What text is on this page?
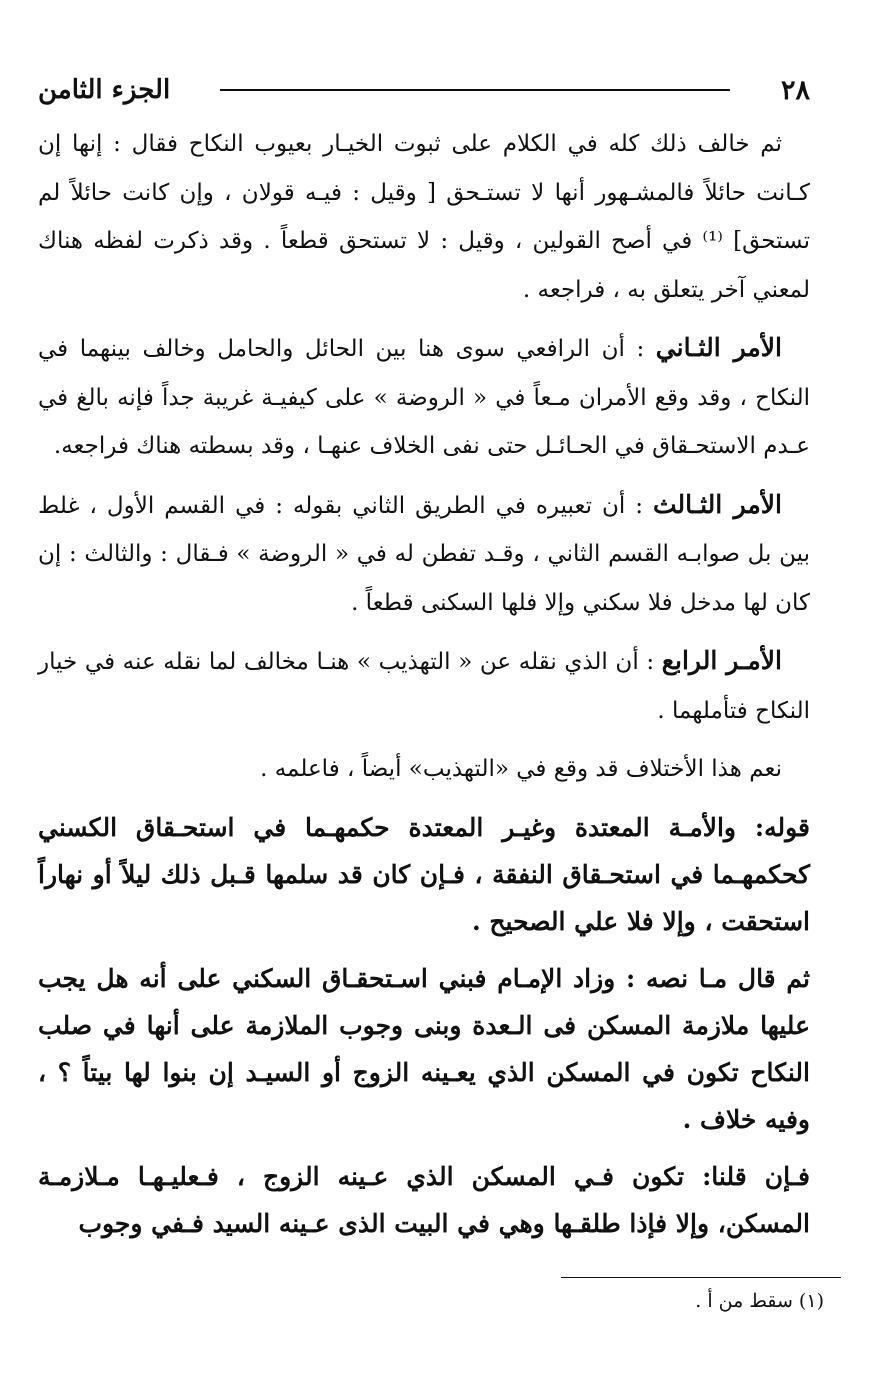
٢٨
الجزء الثامن

ثم خالف ذلك كله في الكلام على ثبوت الخيـار بعيوب النكاح فقال : إنها إن كـانت حائلاً فالمشـهور أنها لا تستـحق [ وقيل : فيـه قولان ، وإن كانت حائلاً لم تستحق] ⁽¹⁾ في أصح القولين ، وقيل : لا تستحق قطعاً . وقد ذكرت لفظه هناك لمعني آخر يتعلق به ، فراجعه .

الأمر الثـاني : أن الرافعي سوى هنا بين الحائل والحامل وخالف بينهما في النكاح ، وقد وقع الأمران مـعاً في « الروضة » على كيفيـة غريبة جداً فإنه بالغ في عـدم الاستحـقاق في الحـائـل حتى نفى الخلاف عنهـا ، وقد بسطته هناك فراجعه.

الأمر الثـالث : أن تعبيره في الطريق الثاني بقوله : في القسم الأول ، غلط بين بل صوابـه القسم الثاني ، وقـد تفطن له في « الروضة » فـقال : والثالث : إن كان لها مدخل فلا سكني وإلا فلها السكنى قطعاً .

الأمـر الرابع : أن الذي نقله عن « التهذيب » هنـا مخالف لما نقله عنه في خيار النكاح فتأملهما .

نعم هذا الأختلاف قد وقع في «التهذيب» أيضاً ، فاعلمه .

قوله: والأمـة المعتدة وغيـر المعتدة حكمهـما في استحـقاق الكسني كحكمهـما في استحـقاق النفقة ، فـإن كان قد سلمها قـبل ذلك ليلاً أو نهاراً استحقت ، وإلا فلا علي الصحيح .

ثم قال مـا نصه : وزاد الإمـام فبني اسـتحقـاق السكني على أنه هل يجب عليها ملازمة المسكن فى الـعدة وبنى وجوب الملازمة على أنها في صلب النكاح تكون في المسكن الذي يعـينه الزوج أو السيـد إن بنوا لها بيتاً ؟ ، وفيه خلاف .

فـإن قلنا: تكون فـي المسكن الذي عـينه الزوج ، فـعليـهـا مـلازمـة المسكن، وإلا فإذا طلقـها وهي في البيت الذى عـينه السيد فـفي وجوب

(١) سقط من أ .
